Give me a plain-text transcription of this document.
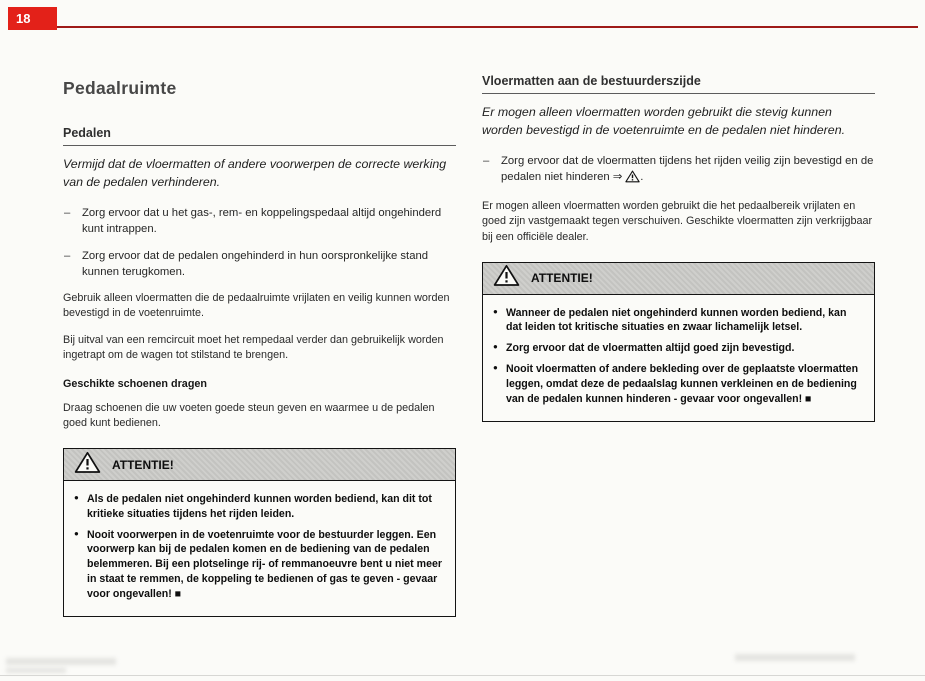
18
Pedaalruimte
Pedalen

Vermijd dat de vloermatten of andere voorwerpen de correcte werking van de pedalen verhinderen.

– Zorg ervoor dat u het gas-, rem- en koppelingspedaal altijd ongehinderd kunt intrappen.
– Zorg ervoor dat de pedalen ongehinderd in hun oorspronkelijke stand kunnen terugkomen.

Gebruik alleen vloermatten die de pedaalruimte vrijlaten en veilig kunnen worden bevestigd in de voetenruimte.

Bij uitval van een remcircuit moet het rempedaal verder dan gebruikelijk worden ingetrapt om de wagen tot stilstand te brengen.

Geschikte schoenen dragen

Draag schoenen die uw voeten goede steun geven en waarmee u de pedalen goed kunt bedienen.

ATTENTIE!
● Als de pedalen niet ongehinderd kunnen worden bediend, kan dit tot kritieke situaties tijdens het rijden leiden.
● Nooit voorwerpen in de voetenruimte voor de bestuurder leggen. Een voorwerp kan bij de pedalen komen en de bediening van de pedalen belemmeren. Bij een plotselinge rij- of remmanoeuvre bent u niet meer in staat te remmen, de koppeling te bedienen of gas te geven - gevaar voor ongevallen! ■
Vloermatten aan de bestuurderszijde

Er mogen alleen vloermatten worden gebruikt die stevig kunnen worden bevestigd in de voetenruimte en de pedalen niet hinderen.

– Zorg ervoor dat de vloermatten tijdens het rijden veilig zijn bevestigd en de pedalen niet hinderen ⇒ .

Er mogen alleen vloermatten worden gebruikt die het pedaalbereik vrijlaten en goed zijn vastgemaakt tegen verschuiven. Geschikte vloermatten zijn verkrijgbaar bij een officiële dealer.

ATTENTIE!
● Wanneer de pedalen niet ongehinderd kunnen worden bediend, kan dat leiden tot kritische situaties en zwaar lichamelijk letsel.
● Zorg ervoor dat de vloermatten altijd goed zijn bevestigd.
● Nooit vloermatten of andere bekleding over de geplaatste vloermatten leggen, omdat deze de pedaalslag kunnen verkleinen en de bediening van de pedalen kunnen hinderen - gevaar voor ongevallen! ■
